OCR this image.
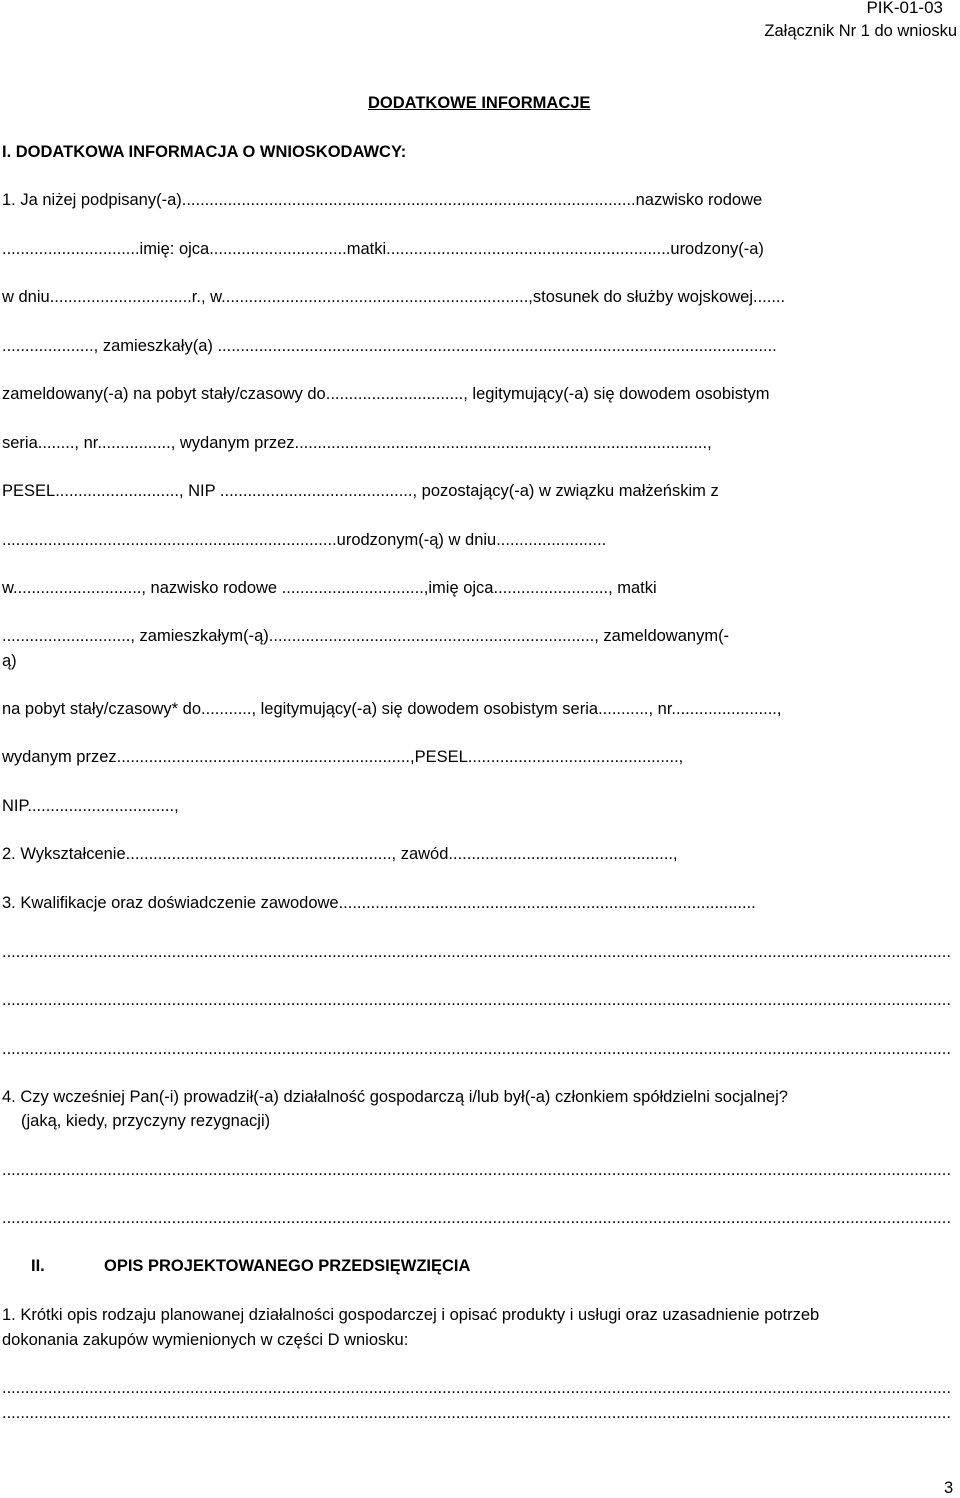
PIK-01-03
Załącznik Nr 1 do wniosku
DODATKOWE INFORMACJE
I. DODATKOWA INFORMACJA O WNIOSKODAWCY:
1. Ja niżej podpisany(-a)...................................................................................................nazwisko rodowe
..............................imię: ojca..............................matki..............................................................urodzony(-a)
w dniu...............................r., w...................................................................,stosunek do służby wojskowej.......
...................., zamieszkały(a) ..........................................................................................................................
zameldowany(-a) na pobyt stały/czasowy do.............................., legitymujący(-a) się dowodem osobistym
seria........, nr................, wydanym przez..........................................................................................,
PESEL..........................., NIP .........................................., pozostający(-a) w związku małżeńskim z
.........................................................................urodzonym(-ą) w dniu........................
w............................, nazwisko rodowe ...............................,imię ojca........................., matki
............................, zamieszkałym(-ą)......................................................................., zameldowanym(-
ą)
na pobyt stały/czasowy* do..........., legitymujący(-a) się dowodem osobistym seria..........., nr.......................,
wydanym przez................................................................,PESEL..............................................,
NIP................................,
2. Wykształcenie.........................................................., zawód.................................................,
3. Kwalifikacje oraz doświadczenie zawodowe...........................................................................................
.....
.....
.....
4. Czy wcześniej Pan(-i) prowadził(-a) działalność gospodarczą i/lub był(-a) członkiem spółdzielni socjalnej?
(jaką, kiedy, przyczyny rezygnacji)
.....
.....
II.	OPIS PROJEKTOWANEGO PRZEDSIĘWZIĘCIA
1. Krótki opis rodzaju planowanej działalności gospodarczej i opisać produkty i usługi oraz uzasadnienie potrzeb
dokonania zakupów wymienionych w części D wniosku:
.....
.....
3
